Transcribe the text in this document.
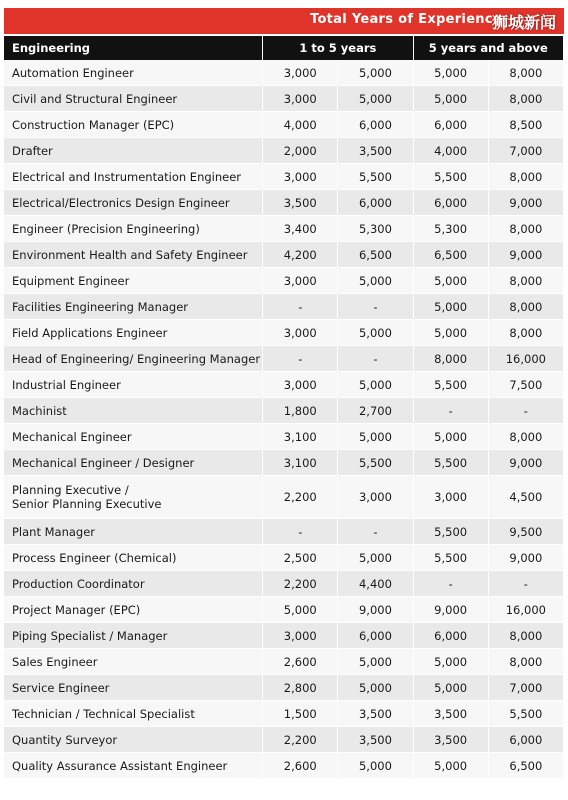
Total Years of Experience
狮城新闻
Engineering	1 to 5 years		5 years and above	
Automation Engineer	3,000	5,000	5,000	8,000
Civil and Structural Engineer	3,000	5,000	5,000	8,000
Construction Manager (EPC)	4,000	6,000	6,000	8,500
Drafter	2,000	3,500	4,000	7,000
Electrical and Instrumentation Engineer	3,000	5,500	5,500	8,000
Electrical/Electronics Design Engineer	3,500	6,000	6,000	9,000
Engineer (Precision Engineering)	3,400	5,300	5,300	8,000
Environment Health and Safety Engineer	4,200	6,500	6,500	9,000
Equipment Engineer	3,000	5,000	5,000	8,000
Facilities Engineering Manager	-	-	5,000	8,000
Field Applications Engineer	3,000	5,000	5,000	8,000
Head of Engineering/ Engineering Manager	-	-	8,000	16,000
Industrial Engineer	3,000	5,000	5,500	7,500
Machinist	1,800	2,700	-	-
Mechanical Engineer	3,100	5,000	5,000	8,000
Mechanical Engineer / Designer	3,100	5,500	5,500	9,000
Planning Executive /
Senior Planning Executive	2,200	3,000	3,000	4,500
Plant Manager	-	-	5,500	9,500
Process Engineer (Chemical)	2,500	5,000	5,500	9,000
Production Coordinator	2,200	4,400	-	-
Project Manager (EPC)	5,000	9,000	9,000	16,000
Piping Specialist / Manager	3,000	6,000	6,000	8,000
Sales Engineer	2,600	5,000	5,000	8,000
Service Engineer	2,800	5,000	5,000	7,000
Technician / Technical Specialist	1,500	3,500	3,500	5,500
Quantity Surveyor	2,200	3,500	3,500	6,000
Quality Assurance Assistant Engineer	2,600	5,000	5,000	6,500
